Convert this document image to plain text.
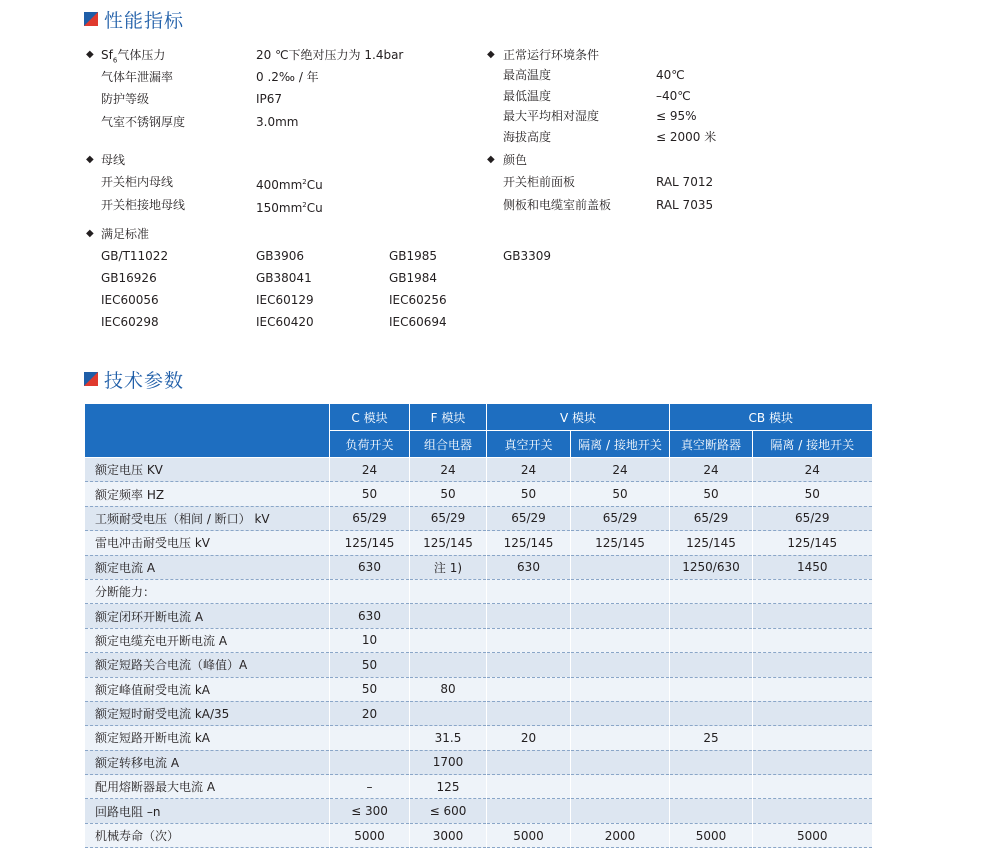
性能指标
◆ $Sf_6$气体压力	20 ℃下绝对压力为 1.4bar
气体年泄漏率	0 .2‰ / 年
防护等级	IP67
气室不锈钢厚度	3.0mm
◆ 正常运行环境条件
最高温度	40℃
最低温度	–40℃
最大平均相对湿度	≤ 95%
海拔高度	≤ 2000 米
◆ 母线
开关柜内母线	$400mm^2Cu$
开关柜接地母线	$150mm^2Cu$
◆ 颜色
开关柜前面板	RAL 7012
侧板和电缆室前盖板	RAL 7035
◆ 满足标准
GB/T11022	GB3906	GB1985	GB3309
GB16926	GB38041	GB1984
IEC60056	IEC60129	IEC60256
IEC60298	IEC60420	IEC60694
技术参数
	C 模块	F 模块	V 模块		CB 模块	
	负荷开关	组合电器	真空开关	隔离 / 接地开关	真空断路器	隔离 / 接地开关
额定电压 KV	24	24	24	24	24	24
额定频率 HZ	50	50	50	50	50	50
工频耐受电压（相间 / 断口） kV	65/29	65/29	65/29	65/29	65/29	65/29
雷电冲击耐受电压 kV	125/145	125/145	125/145	125/145	125/145	125/145
额定电流 A	630	注 1)	630		1250/630	1450
分断能力：						
额定闭环开断电流 A	630					
额定电缆充电开断电流 A	10					
额定短路关合电流（峰值）A	50					
额定峰值耐受电流 kA	50	80				
额定短时耐受电流 kA/35	20					
额定短路开断电流 kA		31.5	20		25	
额定转移电流 A		1700				
配用熔断器最大电流 A	–	125				
回路电阻 –n	≤ 300	≤ 600				
机械寿命（次）	5000	3000	5000	2000	5000	5000
